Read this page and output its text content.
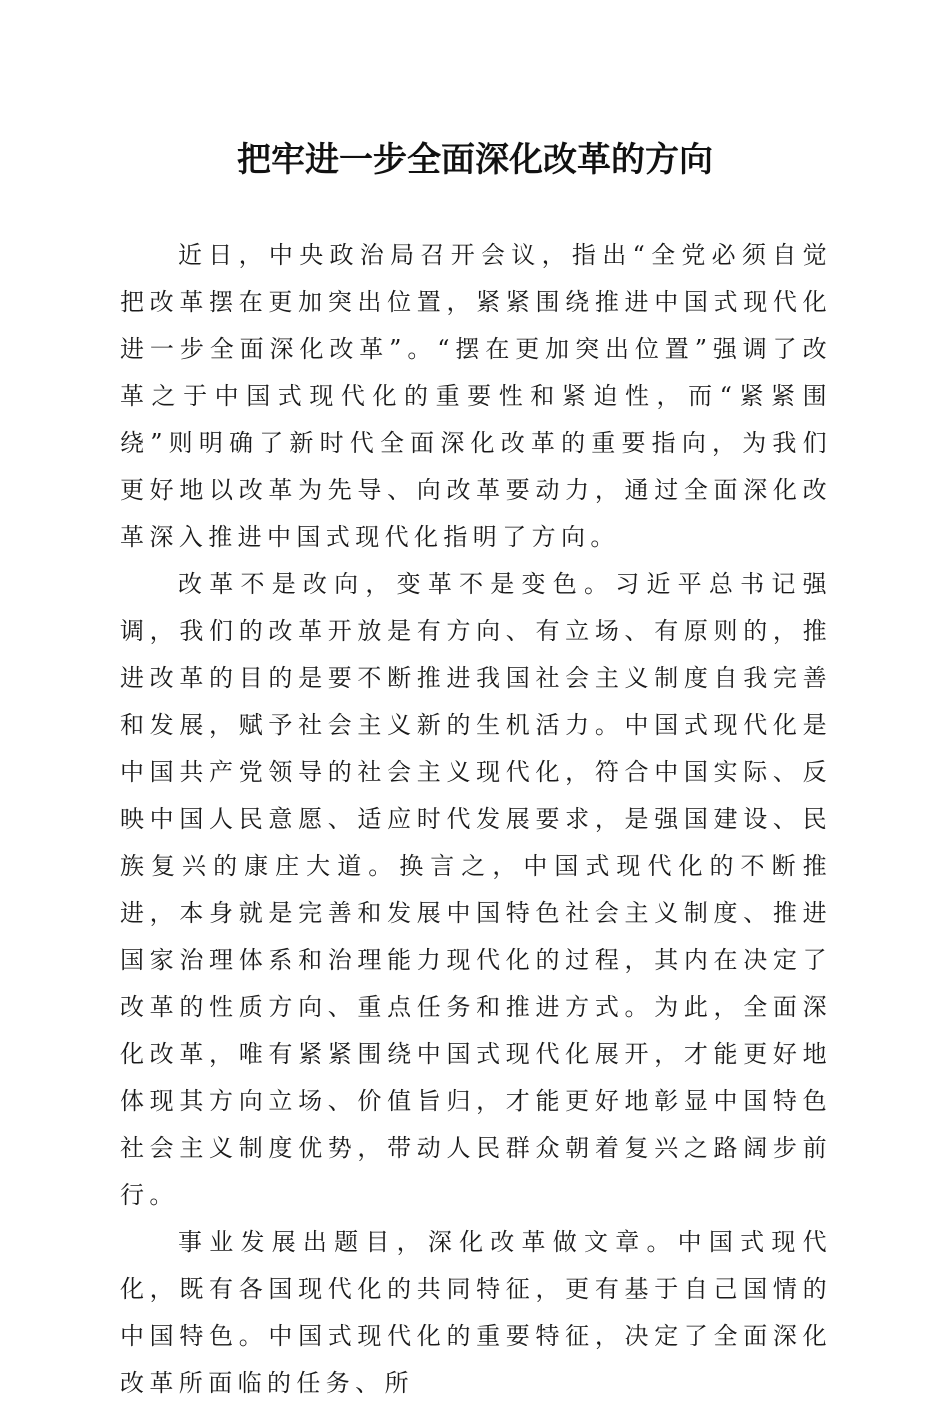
把牢进一步全面深化改革的方向

近日，中央政治局召开会议，指出“全党必须自觉把改革摆在更加突出位置，紧紧围绕推进中国式现代化进一步全面深化改革”。“摆在更加突出位置”强调了改革之于中国式现代化的重要性和紧迫性，而“紧紧围绕”则明确了新时代全面深化改革的重要指向，为我们更好地以改革为先导、向改革要动力，通过全面深化改革深入推进中国式现代化指明了方向。

改革不是改向，变革不是变色。习近平总书记强调，我们的改革开放是有方向、有立场、有原则的，推进改革的目的是要不断推进我国社会主义制度自我完善和发展，赋予社会主义新的生机活力。中国式现代化是中国共产党领导的社会主义现代化，符合中国实际、反映中国人民意愿、适应时代发展要求，是强国建设、民族复兴的康庄大道。换言之，中国式现代化的不断推进，本身就是完善和发展中国特色社会主义制度、推进国家治理体系和治理能力现代化的过程，其内在决定了改革的性质方向、重点任务和推进方式。为此，全面深化改革，唯有紧紧围绕中国式现代化展开，才能更好地体现其方向立场、价值旨归，才能更好地彰显中国特色社会主义制度优势，带动人民群众朝着复兴之路阔步前行。

事业发展出题目，深化改革做文章。中国式现代化，既有各国现代化的共同特征，更有基于自己国情的中国特色。中国式现代化的重要特征，决定了全面深化改革所面临的任务、所
